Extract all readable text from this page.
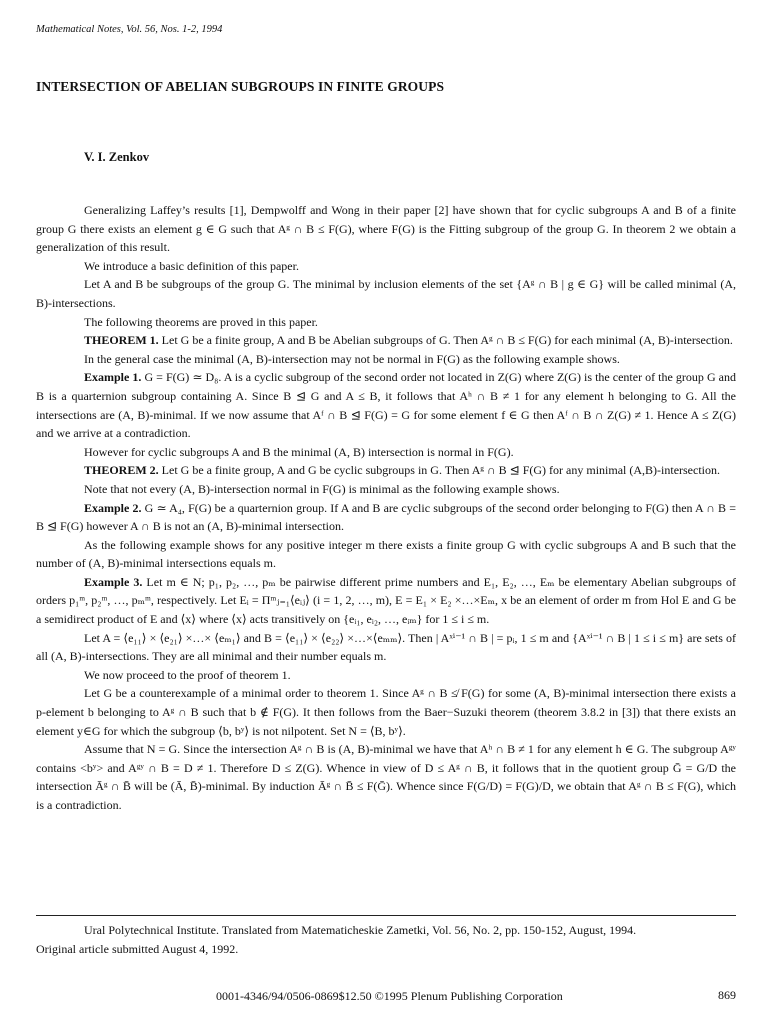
Mathematical Notes, Vol. 56, Nos. 1-2, 1994
INTERSECTION OF ABELIAN SUBGROUPS IN FINITE GROUPS
V. I. Zenkov

Generalizing Laffey’s results [1], Dempwolff and Wong in their paper [2] have shown that for cyclic subgroups A and B of a finite group G there exists an element g ∈ G such that Aᵍ ∩ B ≤ F(G), where F(G) is the Fitting subgroup of the group G. In theorem 2 we obtain a generalization of this result.

We introduce a basic definition of this paper.

Let A and B be subgroups of the group G. The minimal by inclusion elements of the set {Aᵍ ∩ B | g ∈ G} will be called minimal (A, B)-intersections.

The following theorems are proved in this paper.

THEOREM 1. Let G be a finite group, A and B be Abelian subgroups of G. Then Aᵍ ∩ B ≤ F(G) for each minimal (A, B)-intersection.

In the general case the minimal (A, B)-intersection may not be normal in F(G) as the following example shows.

Example 1. G = F(G) ≃ D₈. A is a cyclic subgroup of the second order not located in Z(G) where Z(G) is the center of the group G and B is a quarternion subgroup containing A. Since B ⊴ G and A ≤ B, it follows that Aʰ ∩ B ≠ 1 for any element h belonging to G. All the intersections are (A, B)-minimal. If we now assume that Aᶠ ∩ B ⊴ F(G) = G for some element f ∈ G then Aᶠ ∩ B ∩ Z(G) ≠ 1. Hence A ≤ Z(G) and we arrive at a contradiction.

However for cyclic subgroups A and B the minimal (A, B) intersection is normal in F(G).

THEOREM 2. Let G be a finite group, A and G be cyclic subgroups in G. Then Aᵍ ∩ B ⊴ F(G) for any minimal (A,B)-intersection.

Note that not every (A, B)-intersection normal in F(G) is minimal as the following example shows.

Example 2. G ≃ A₄, F(G) be a quarternion group. If A and B are cyclic subgroups of the second order belonging to F(G) then A ∩ B = B ⊴ F(G) however A ∩ B is not an (A, B)-minimal intersection.

As the following example shows for any positive integer m there exists a finite group G with cyclic subgroups A and B such that the number of (A, B)-minimal intersections equals m.

Example 3. Let m ∈ N; p₁, p₂, …, pₘ be pairwise different prime numbers and E₁, E₂, …, Eₘ be elementary Abelian subgroups of orders p₁ᵐ, p₂ᵐ, …, pₘᵐ, respectively. Let Eᵢ = Πᵐⱼ₌₁⟨eᵢⱼ⟩ (i = 1, 2, …, m), E = E₁ × E₂ ×…×Eₘ, x be an element of order m from Hol E and G be a semidirect product of E and ⟨x⟩ where ⟨x⟩ acts transitively on {eᵢ₁, eᵢ₂, …, eᵢₘ} for 1 ≤ i ≤ m.

Let A = ⟨e₁₁⟩ × ⟨e₂₁⟩ ×…× ⟨eₘ₁⟩ and B = ⟨e₁₁⟩ × ⟨e₂₂⟩ ×…×⟨eₘₘ⟩. Then | Aˣⁱ⁻¹ ∩ B | = pᵢ, 1 ≤ m and {Aˣⁱ⁻¹ ∩ B | 1 ≤ i ≤ m} are sets of all (A, B)-intersections. They are all minimal and their number equals m.

We now proceed to the proof of theorem 1.

Let G be a counterexample of a minimal order to theorem 1. Since Aᵍ ∩ B ≰ F(G) for some (A, B)-minimal intersection there exists a p-element b belonging to Aᵍ ∩ B such that b ∉ F(G). It then follows from the Baer−Suzuki theorem (theorem 3.8.2 in [3]) that there exists an element y∈G for which the subgroup ⟨b, bʸ⟩ is not nilpotent. Set N = ⟨B, bʸ⟩.

Assume that N = G. Since the intersection Aᵍ ∩ B is (A, B)-minimal we have that Aʰ ∩ B ≠ 1 for any element h ∈ G. The subgroup Aᵍʸ contains <bʸ> and Aᵍʸ ∩ B = D ≠ 1. Therefore D ≤ Z(G). Whence in view of D ≤ Aᵍ ∩ B, it follows that in the quotient group Ḡ = G/D the intersection Āᵍ ∩ B̄ will be (Ā, B̄)-minimal. By induction Āᵍ ∩ B̄ ≤ F(Ḡ). Whence since F(G/D) = F(G)/D, we obtain that Aᵍ ∩ B ≤ F(G), which is a contradiction.

Ural Polytechnical Institute. Translated from Matematicheskie Zametki, Vol. 56, No. 2, pp. 150-152, August, 1994.

Original article submitted August 4, 1992.
0001-4346/94/0506-0869$12.50 ©1995 Plenum Publishing Corporation	869
